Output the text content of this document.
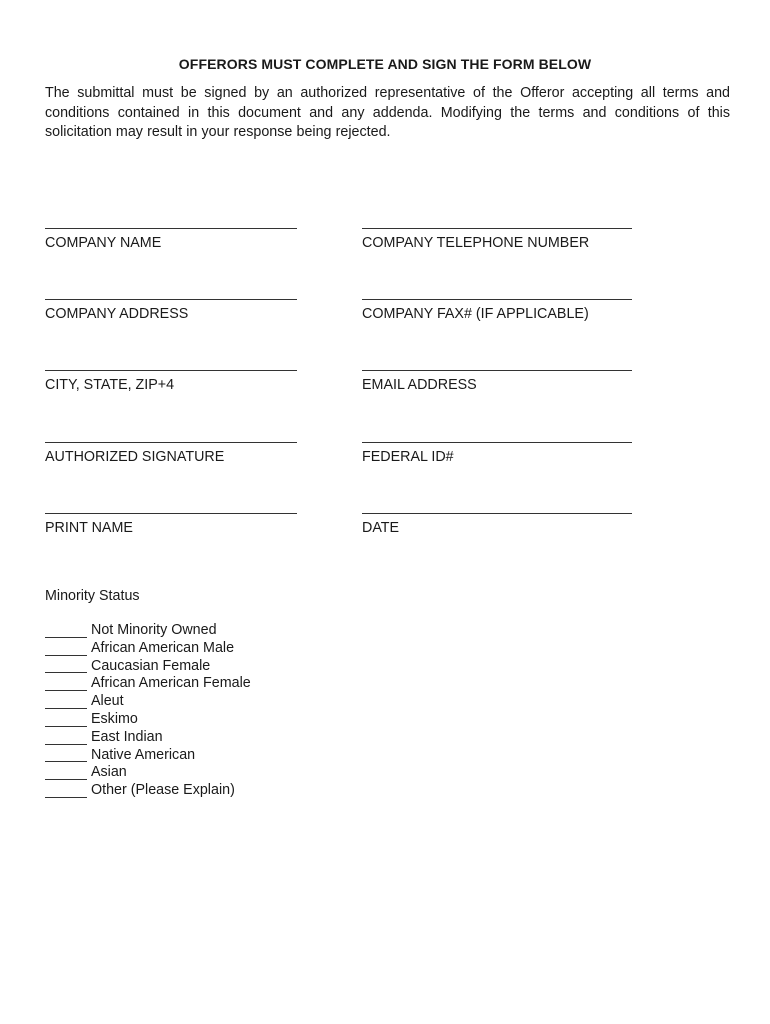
OFFERORS MUST COMPLETE AND SIGN THE FORM BELOW
The submittal must be signed by an authorized representative of the Offeror accepting all terms and conditions contained in this document and any addenda. Modifying the terms and conditions of this solicitation may result in your response being rejected.
COMPANY NAME	COMPANY TELEPHONE NUMBER
COMPANY ADDRESS	COMPANY FAX# (IF APPLICABLE)
CITY, STATE, ZIP+4	EMAIL ADDRESS
AUTHORIZED SIGNATURE	FEDERAL ID#
PRINT NAME	DATE
Minority Status
Not Minority Owned
African American Male
Caucasian Female
African American Female
Aleut
Eskimo
East Indian
Native American
Asian
Other (Please Explain)
